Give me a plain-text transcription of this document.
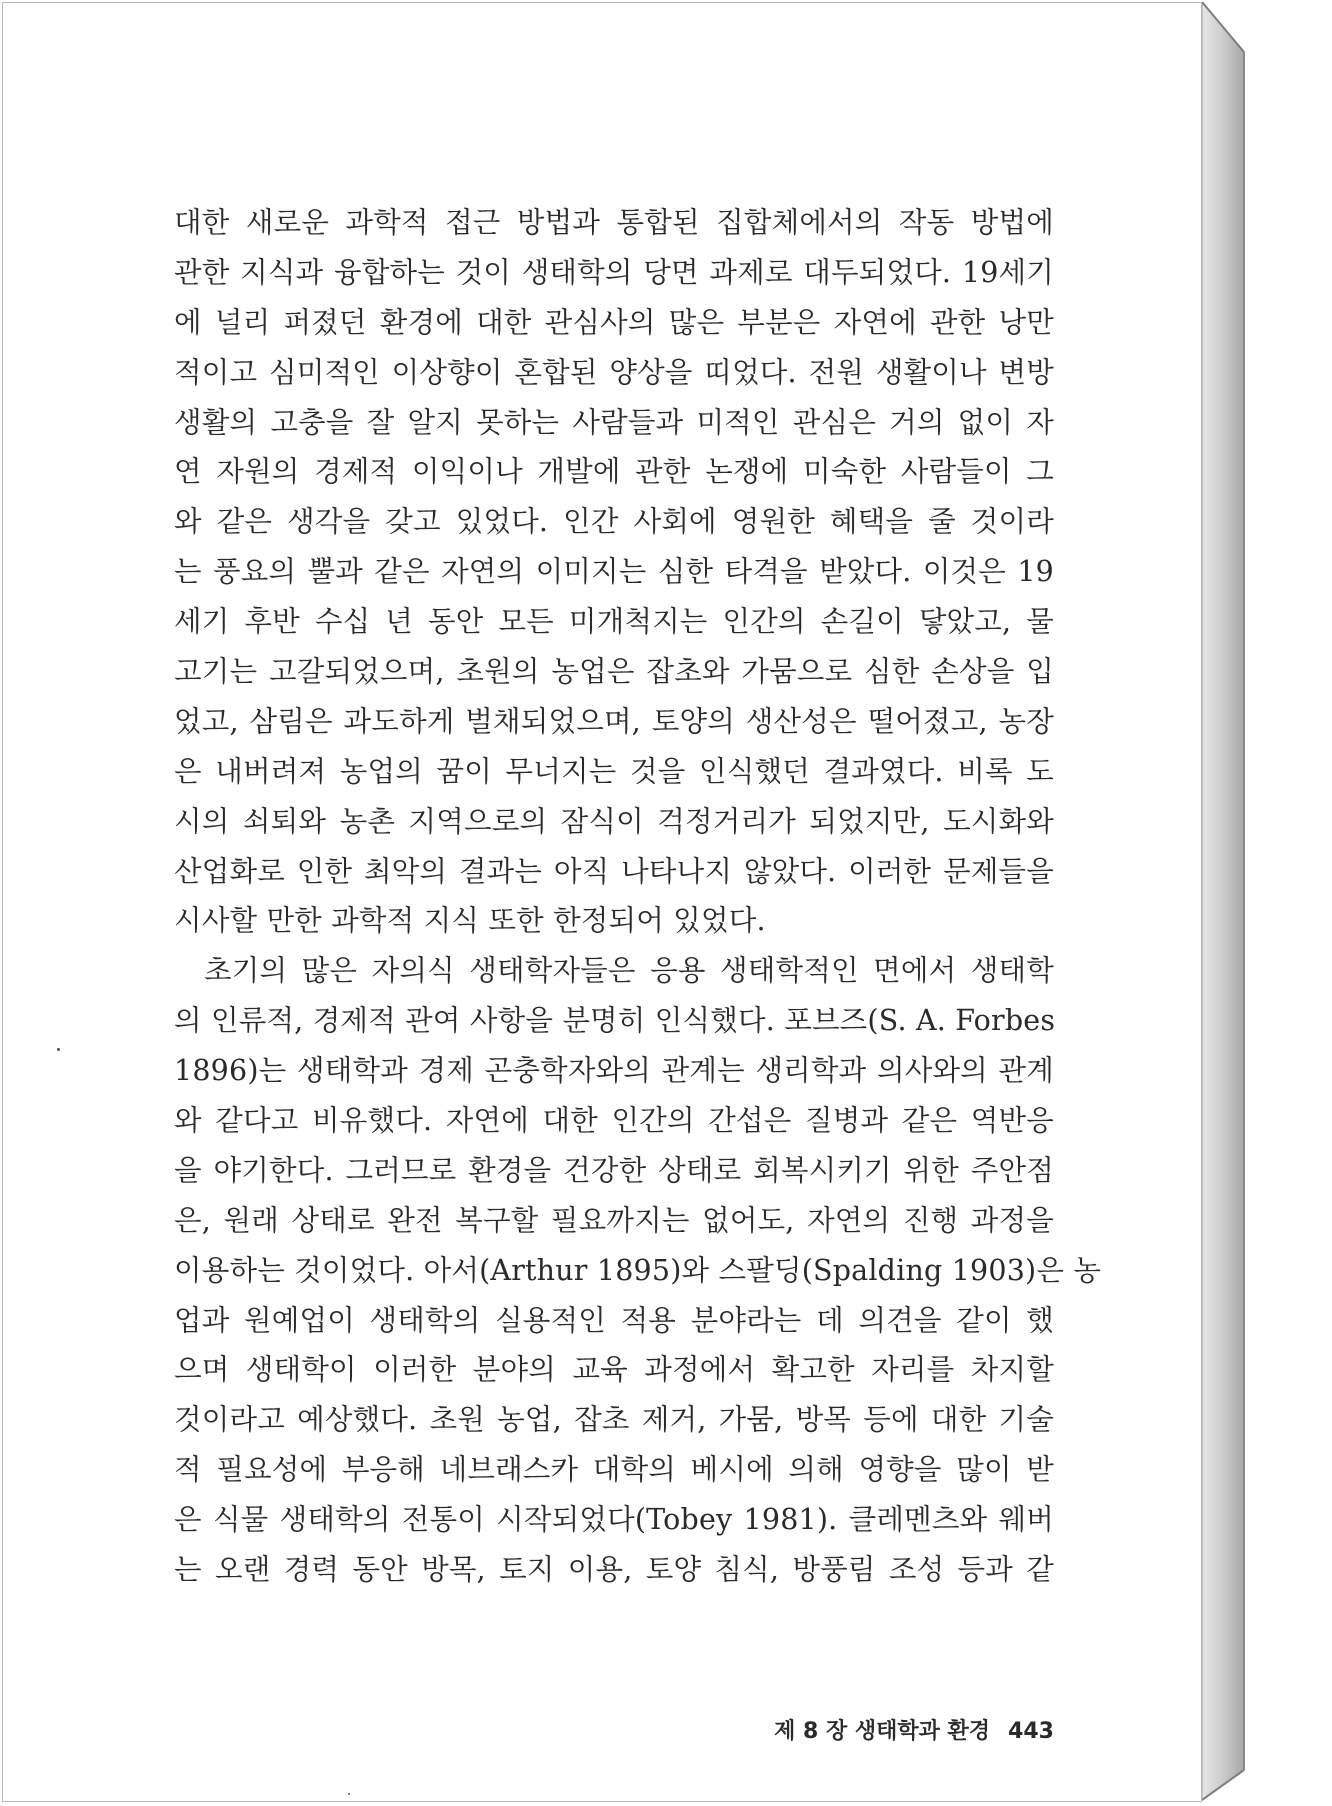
대한 새로운 과학적 접근 방법과 통합된 집합체에서의 작동 방법에
관한 지식과 융합하는 것이 생태학의 당면 과제로 대두되었다. 19세기
에 널리 퍼졌던 환경에 대한 관심사의 많은 부분은 자연에 관한 낭만
적이고 심미적인 이상향이 혼합된 양상을 띠었다. 전원 생활이나 변방
생활의 고충을 잘 알지 못하는 사람들과 미적인 관심은 거의 없이 자
연 자원의 경제적 이익이나 개발에 관한 논쟁에 미숙한 사람들이 그
와 같은 생각을 갖고 있었다. 인간 사회에 영원한 혜택을 줄 것이라
는 풍요의 뿔과 같은 자연의 이미지는 심한 타격을 받았다. 이것은 19
세기 후반 수십 년 동안 모든 미개척지는 인간의 손길이 닿았고, 물
고기는 고갈되었으며, 초원의 농업은 잡초와 가뭄으로 심한 손상을 입
었고, 삼림은 과도하게 벌채되었으며, 토양의 생산성은 떨어졌고, 농장
은 내버려져 농업의 꿈이 무너지는 것을 인식했던 결과였다. 비록 도
시의 쇠퇴와 농촌 지역으로의 잠식이 걱정거리가 되었지만, 도시화와
산업화로 인한 최악의 결과는 아직 나타나지 않았다. 이러한 문제들을
시사할 만한 과학적 지식 또한 한정되어 있었다.
초기의 많은 자의식 생태학자들은 응용 생태학적인 면에서 생태학
의 인류적, 경제적 관여 사항을 분명히 인식했다. 포브즈(S. A. Forbes
1896)는 생태학과 경제 곤충학자와의 관계는 생리학과 의사와의 관계
와 같다고 비유했다. 자연에 대한 인간의 간섭은 질병과 같은 역반응
을 야기한다. 그러므로 환경을 건강한 상태로 회복시키기 위한 주안점
은, 원래 상태로 완전 복구할 필요까지는 없어도, 자연의 진행 과정을
이용하는 것이었다. 아서(Arthur 1895)와 스팔딩(Spalding 1903)은 농
업과 원예업이 생태학의 실용적인 적용 분야라는 데 의견을 같이 했
으며 생태학이 이러한 분야의 교육 과정에서 확고한 자리를 차지할
것이라고 예상했다. 초원 농업, 잡초 제거, 가뭄, 방목 등에 대한 기술
적 필요성에 부응해 네브래스카 대학의 베시에 의해 영향을 많이 받
은 식물 생태학의 전통이 시작되었다(Tobey 1981). 클레멘츠와 웨버
는 오랜 경력 동안 방목, 토지 이용, 토양 침식, 방풍림 조성 등과 같
제 8 장 생태학과 환경 443
